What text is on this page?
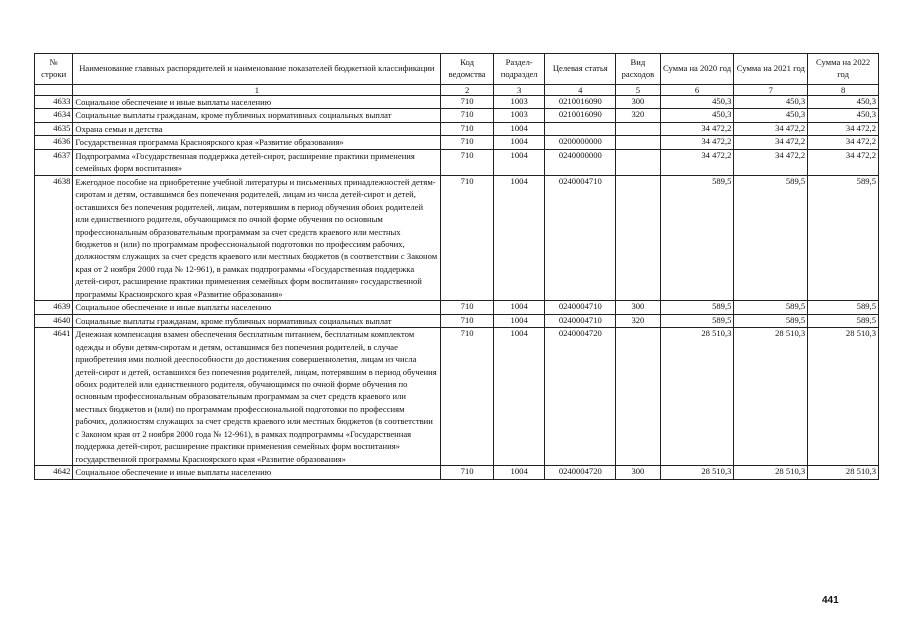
№ строки	Наименование главных распорядителей и наименование показателей бюджетной классификации	Код ведомства	Раздел-подраздел	Целевая статья	Вид расходов	Сумма на 2020 год	Сумма на 2021 год	Сумма на 2022 год
	1	2	3	4	5	6	7	8
4633	Социальное обеспечение и иные выплаты населению	710	1003	0210016090	300	450,3	450,3	450,3
4634	Социальные выплаты гражданам, кроме публичных нормативных социальных выплат	710	1003	0210016090	320	450,3	450,3	450,3
4635	Охрана семьи и детства	710	1004			34 472,2	34 472,2	34 472,2
4636	Государственная программа Красноярского края «Развитие образования»	710	1004	0200000000		34 472,2	34 472,2	34 472,2
4637	Подпрограмма «Государственная поддержка детей-сирот, расширение практики применения семейных форм воспитания»	710	1004	0240000000		34 472,2	34 472,2	34 472,2
4638	Ежегодное пособие на приобретение учебной литературы и письменных принадлежностей детям-сиротам и детям, оставшимся без попечения родителей, лицам из числа детей-сирот и детей, оставшихся без попечения родителей, лицам, потерявшим в период обучения обоих родителей или единственного родителя, обучающимся по очной форме обучения по основным профессиональным образовательным программам за счет средств краевого или местных бюджетов и (или) по программам профессиональной подготовки по профессиям рабочих, должностям служащих за счет средств краевого или местных бюджетов (в соответствии с Законом края от 2 ноября 2000 года № 12-961), в рамках подпрограммы «Государственная поддержка детей-сирот, расширение практики применения семейных форм воспитания» государственной программы Красноярского края «Развитие образования»	710	1004	0240004710		589,5	589,5	589,5
4639	Социальное обеспечение и иные выплаты населению	710	1004	0240004710	300	589,5	589,5	589,5
4640	Социальные выплаты гражданам, кроме публичных нормативных социальных выплат	710	1004	0240004710	320	589,5	589,5	589,5
4641	Денежная компенсация взамен обеспечения бесплатным питанием, бесплатным комплектом одежды и обуви детям-сиротам и детям, оставшимся без попечения родителей, в случае приобретения ими полной дееспособности до достижения совершеннолетия, лицам из числа детей-сирот и детей, оставшихся без попечения родителей, лицам, потерявшим в период обучения обоих родителей или единственного родителя, обучающимся по очной форме обучения по основным профессиональным образовательным программам за счет средств краевого или местных бюджетов и (или) по программам профессиональной подготовки по профессиям рабочих, должностям служащих за счет средств краевого или местных бюджетов (в соответствии с Законом края от 2 ноября 2000 года № 12-961), в рамках подпрограммы «Государственная поддержка детей-сирот, расширение практики применения семейных форм воспитания» государственной программы Красноярского края «Развитие образования»	710	1004	0240004720		28 510,3	28 510,3	28 510,3
4642	Социальное обеспечение и иные выплаты населению	710	1004	0240004720	300	28 510,3	28 510,3	28 510,3
441
